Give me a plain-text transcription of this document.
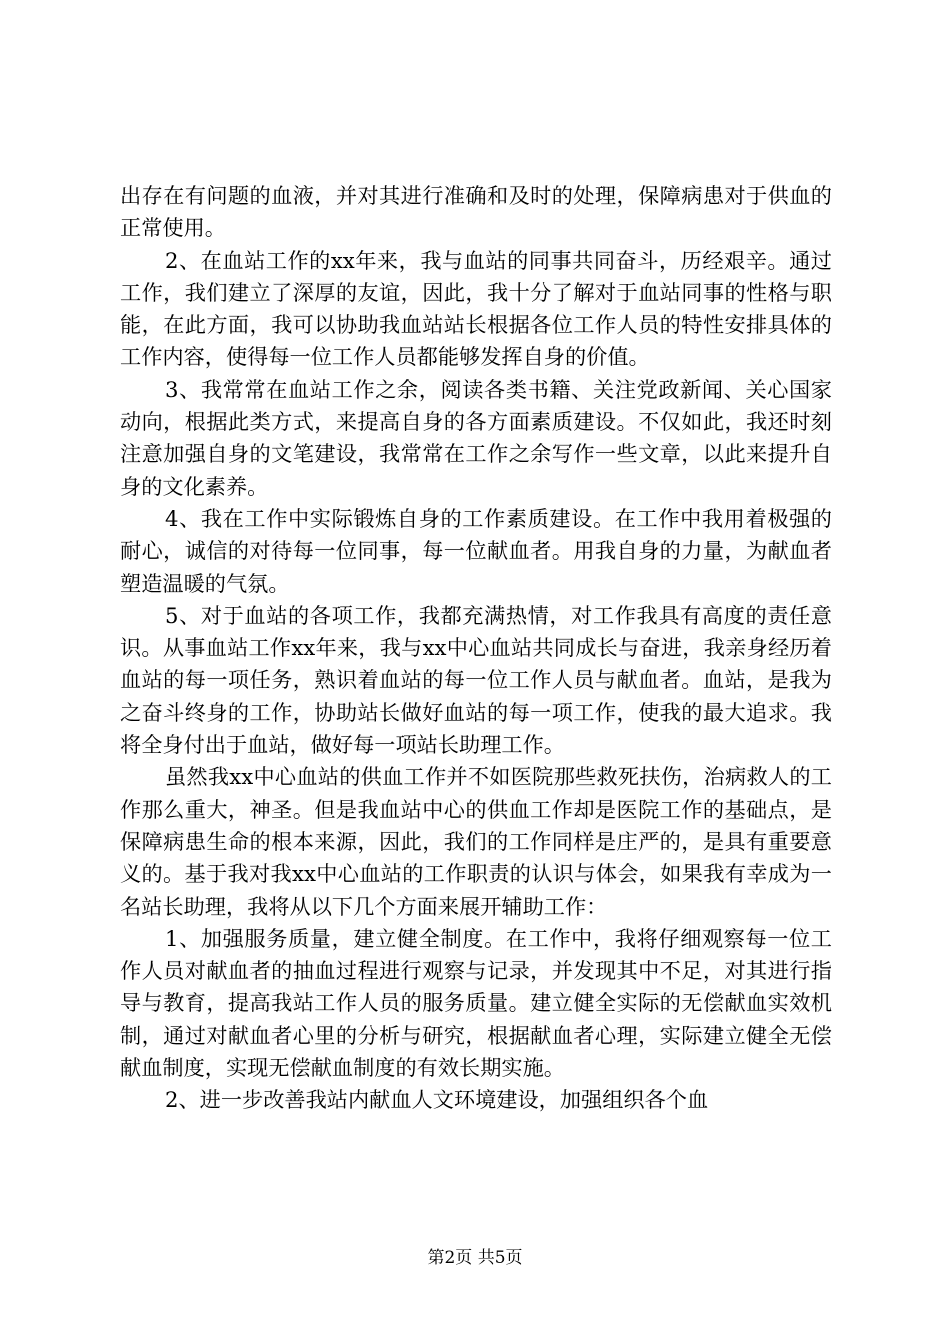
出存在有问题的血液，并对其进行准确和及时的处理，保障病患对于供血的正常使用。

2、在血站工作的xx年来，我与血站的同事共同奋斗，历经艰辛。通过工作，我们建立了深厚的友谊，因此，我十分了解对于血站同事的性格与职能，在此方面，我可以协助我血站站长根据各位工作人员的特性安排具体的工作内容，使得每一位工作人员都能够发挥自身的价值。

3、我常常在血站工作之余，阅读各类书籍、关注党政新闻、关心国家动向，根据此类方式，来提高自身的各方面素质建设。不仅如此，我还时刻注意加强自身的文笔建设，我常常在工作之余写作一些文章，以此来提升自身的文化素养。

4、我在工作中实际锻炼自身的工作素质建设。在工作中我用着极强的耐心，诚信的对待每一位同事，每一位献血者。用我自身的力量，为献血者塑造温暖的气氛。

5、对于血站的各项工作，我都充满热情，对工作我具有高度的责任意识。从事血站工作xx年来，我与xx中心血站共同成长与奋进，我亲身经历着血站的每一项任务，熟识着血站的每一位工作人员与献血者。血站，是我为之奋斗终身的工作，协助站长做好血站的每一项工作，使我的最大追求。我将全身付出于血站，做好每一项站长助理工作。

虽然我xx中心血站的供血工作并不如医院那些救死扶伤，治病救人的工作那么重大，神圣。但是我血站中心的供血工作却是医院工作的基础点，是保障病患生命的根本来源，因此，我们的工作同样是庄严的，是具有重要意义的。基于我对我xx中心血站的工作职责的认识与体会，如果我有幸成为一名站长助理，我将从以下几个方面来展开辅助工作：

1、加强服务质量，建立健全制度。在工作中，我将仔细观察每一位工作人员对献血者的抽血过程进行观察与记录，并发现其中不足，对其进行指导与教育，提高我站工作人员的服务质量。建立健全实际的无偿献血实效机制，通过对献血者心里的分析与研究，根据献血者心理，实际建立健全无偿献血制度，实现无偿献血制度的有效长期实施。

2、进一步改善我站内献血人文环境建设，加强组织各个血

第2页 共5页
